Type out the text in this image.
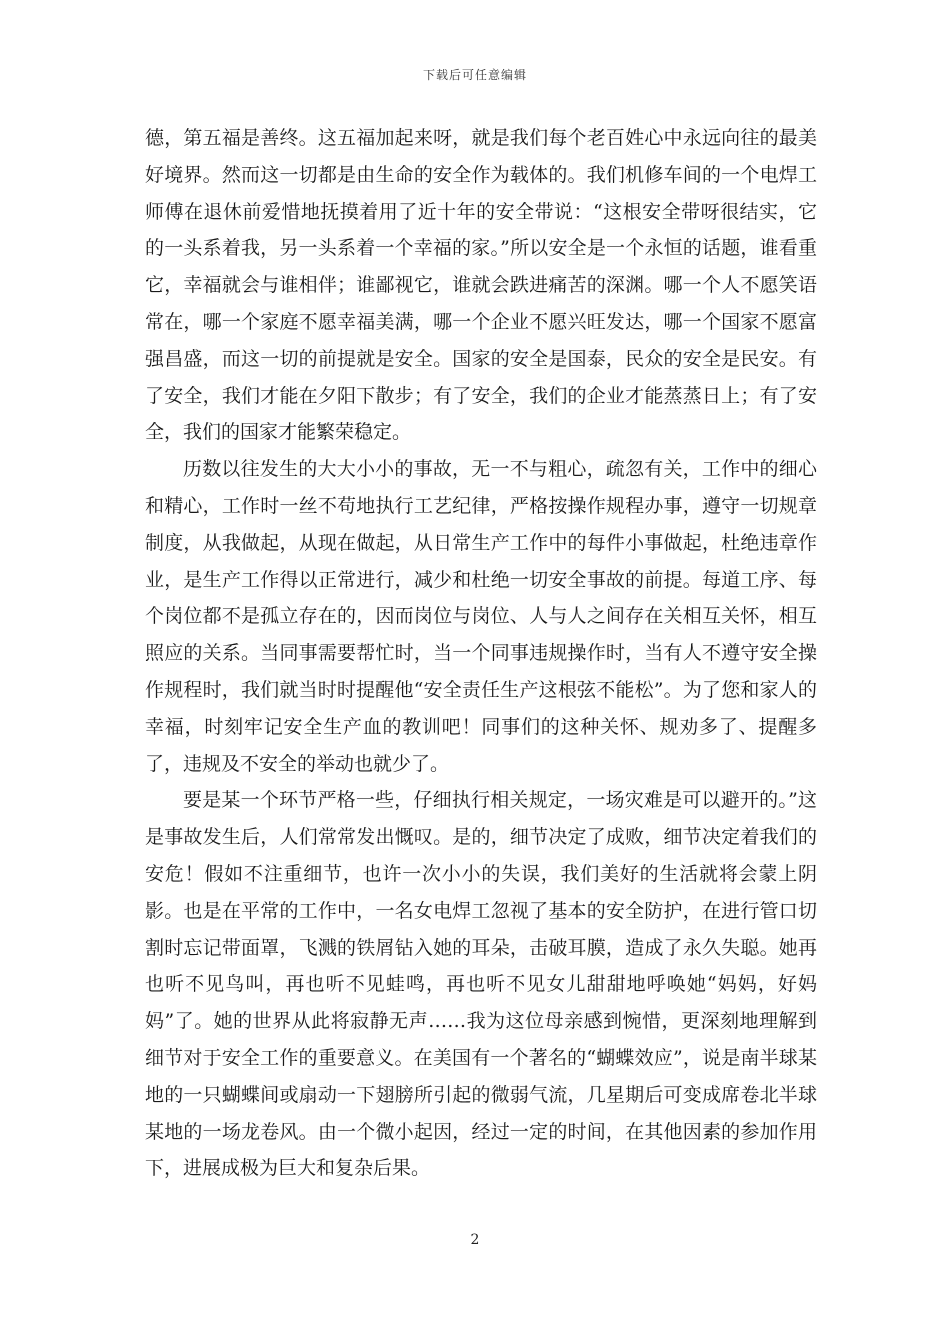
下载后可任意编辑

德，第五福是善终。这五福加起来呀，就是我们每个老百姓心中永远向往的最美好境界。然而这一切都是由生命的安全作为载体的。我们机修车间的一个电焊工师傅在退休前爱惜地抚摸着用了近十年的安全带说：“这根安全带呀很结实，它的一头系着我，另一头系着一个幸福的家。”所以安全是一个永恒的话题，谁看重它，幸福就会与谁相伴；谁鄙视它，谁就会跌进痛苦的深渊。哪一个人不愿笑语常在，哪一个家庭不愿幸福美满，哪一个企业不愿兴旺发达，哪一个国家不愿富强昌盛，而这一切的前提就是安全。国家的安全是国泰，民众的安全是民安。有了安全，我们才能在夕阳下散步；有了安全，我们的企业才能蒸蒸日上；有了安全，我们的国家才能繁荣稳定。

历数以往发生的大大小小的事故，无一不与粗心，疏忽有关，工作中的细心和精心，工作时一丝不苟地执行工艺纪律，严格按操作规程办事，遵守一切规章制度，从我做起，从现在做起，从日常生产工作中的每件小事做起，杜绝违章作业，是生产工作得以正常进行，减少和杜绝一切安全事故的前提。每道工序、每个岗位都不是孤立存在的，因而岗位与岗位、人与人之间存在关相互关怀，相互照应的关系。当同事需要帮忙时，当一个同事违规操作时，当有人不遵守安全操作规程时，我们就当时时提醒他“安全责任生产这根弦不能松”。为了您和家人的幸福，时刻牢记安全生产血的教训吧！同事们的这种关怀、规劝多了、提醒多了，违规及不安全的举动也就少了。

要是某一个环节严格一些，仔细执行相关规定，一场灾难是可以避开的。”这是事故发生后，人们常常发出慨叹。是的，细节决定了成败，细节决定着我们的安危！假如不注重细节，也许一次小小的失误，我们美好的生活就将会蒙上阴影。也是在平常的工作中，一名女电焊工忽视了基本的安全防护，在进行管口切割时忘记带面罩，飞溅的铁屑钻入她的耳朵，击破耳膜，造成了永久失聪。她再也听不见鸟叫，再也听不见蛙鸣，再也听不见女儿甜甜地呼唤她“妈妈，好妈妈”了。她的世界从此将寂静无声……我为这位母亲感到惋惜，更深刻地理解到细节对于安全工作的重要意义。在美国有一个著名的“蝴蝶效应”，说是南半球某地的一只蝴蝶间或扇动一下翅膀所引起的微弱气流，几星期后可变成席卷北半球某地的一场龙卷风。由一个微小起因，经过一定的时间，在其他因素的参加作用下，进展成极为巨大和复杂后果。

2
